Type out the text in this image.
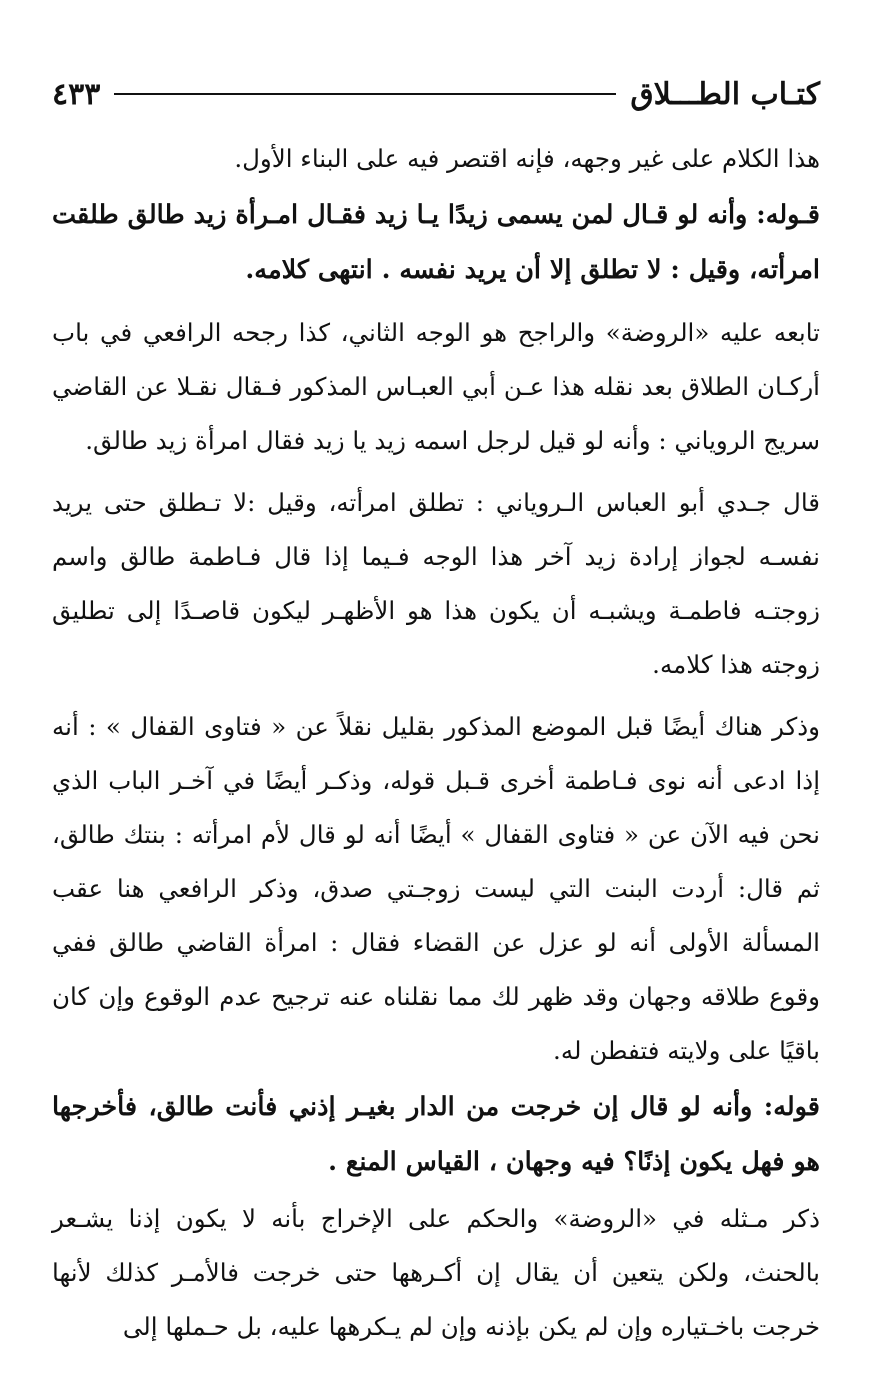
كتـاب الطـــلاق
٤٣٣

هذا الكلام على غير وجهه، فإنه اقتصر فيه على البناء الأول.

قـوله: وأنه لو قـال لمن يسمى زيدًا يـا زيد فقـال امـرأة زيد طالق طلقت امرأته، وقيل : لا تطلق إلا أن يريد نفسه . انتهى كلامه.

تابعه عليه «الروضة» والراجح هو الوجه الثاني، كذا رجحه الرافعي في باب أركـان الطلاق بعد نقله هذا عـن أبي العبـاس المذكور فـقال نقـلا عن القاضي سريج الروياني : وأنه لو قيل لرجل اسمه زيد يا زيد فقال امرأة زيد طالق.

قال جـدي أبو العباس الـروياني : تطلق امرأته، وقيل :لا تـطلق حتى يريد نفسـه لجواز إرادة زيد آخر هذا الوجه فـيما إذا قال فـاطمة طالق واسم زوجتـه فاطمـة ويشبـه أن يكون هذا هو الأظهـر ليكون قاصـدًا إلى تطليق زوجته هذا كلامه.

وذكر هناك أيضًا قبل الموضع المذكور بقليل نقلاً عن « فتاوى القفال » : أنه إذا ادعى أنه نوى فـاطمة أخرى قـبل قوله، وذكـر أيضًا في آخـر الباب الذي نحن فيه الآن عن « فتاوى القفال » أيضًا أنه لو قال لأم امرأته : بنتك طالق، ثم قال: أردت البنت التي ليست زوجـتي صدق، وذكر الرافعي هنا عقب المسألة الأولى أنه لو عزل عن القضاء فقال : امرأة القاضي طالق ففي وقوع طلاقه وجهان وقد ظهر لك مما نقلناه عنه ترجيح عدم الوقوع وإن كان باقيًا على ولايته فتفطن له.

قوله: وأنه لو قال إن خرجت من الدار بغيـر إذني فأنت طالق، فأخرجها هو فهل يكون إذنًا؟ فيه وجهان ، القياس المنع .

ذكر مـثله في «الروضة» والحكم على الإخراج بأنه لا يكون إذنا يشـعر بالحنث، ولكن يتعين أن يقال إن أكـرهها حتى خرجت فالأمـر كذلك لأنها خرجت باخـتياره وإن لم يكن بإذنه وإن لم يـكرهها عليه، بل حـملها إلى
